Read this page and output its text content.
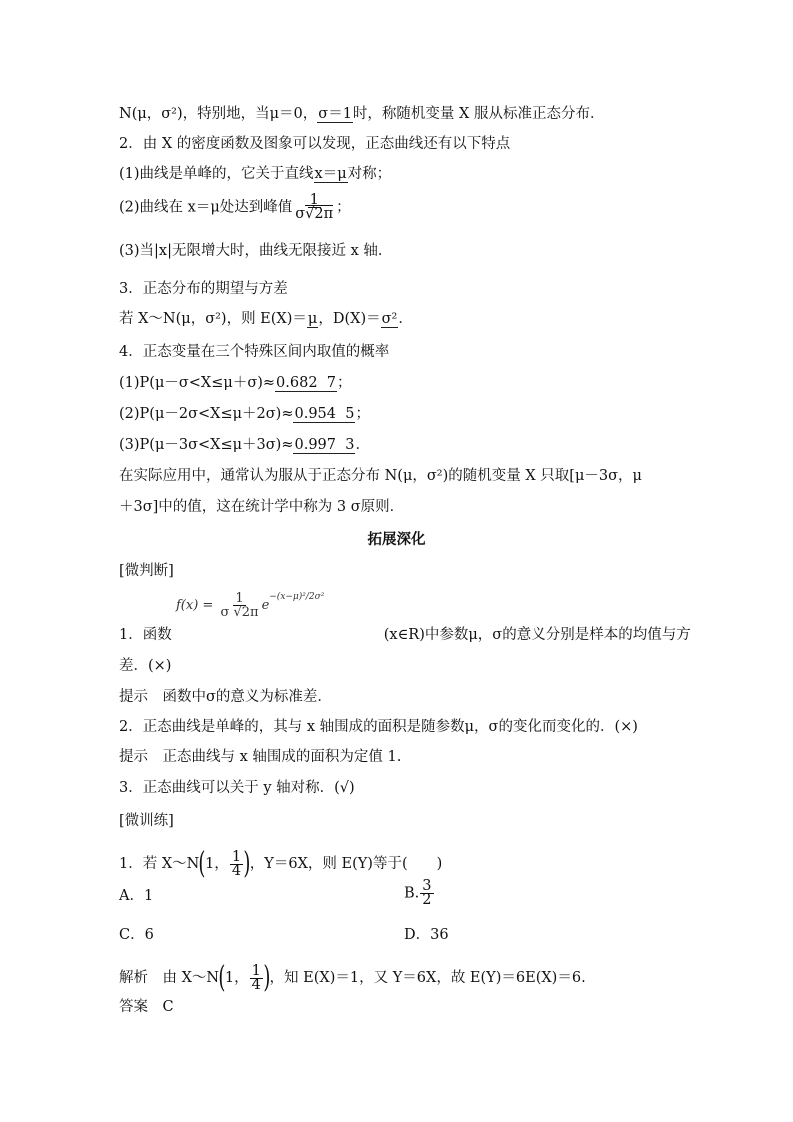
N(μ，σ²)，特别地，当μ＝0，σ＝1时，称随机变量 X 服从标准正态分布．
2．由 X 的密度函数及图象可以发现，正态曲线还有以下特点
(1)曲线是单峰的，它关于直线x＝μ对称；
(2)曲线在 x＝μ处达到峰值 $\frac{1}{\sigma√2\pi}$ ；
(3)当|x|无限增大时，曲线无限接近 x 轴．
3．正态分布的期望与方差
若 X～N(μ，σ²)，则 E(X)＝μ，D(X)＝σ²．
4．正态变量在三个特殊区间内取值的概率
(1)P(μ－σ<X≤μ＋σ)≈0.682  7；
(2)P(μ－2σ<X≤μ＋2σ)≈0.954  5；
(3)P(μ－3σ<X≤μ＋3σ)≈0.997  3．
在实际应用中，通常认为服从于正态分布 N(μ，σ²)的随机变量 X 只取[μ－3σ，μ
＋3σ]中的值，这在统计学中称为 3 σ原则．
拓展深化
[微判断]
$f(x) = \frac{1}{\sigma √2\pi} e-(x-\mu)^2/2\sigma^2$
1．函数	(x∈R)中参数μ，σ的意义分别是样本的均值与方
差．(×)
提示　函数中σ的意义为标准差．
2．正态曲线是单峰的，其与 x 轴围成的面积是随参数μ，σ的变化而变化的．(×)
提示　正态曲线与 x 轴围成的面积为定值 1.
3．正态曲线可以关于 y 轴对称．(√)
[微训练]
1．若 X～N(1， $\frac{1}{4}$ )，Y＝6X，则 E(Y)等于(　　)
A．1	B. $\frac{3}{2}$
C．6	D．36
解析　由 X～N(1， $\frac{1}{4}$ )，知 E(X)＝1，又 Y＝6X，故 E(Y)＝6E(X)＝6.
答案　C
